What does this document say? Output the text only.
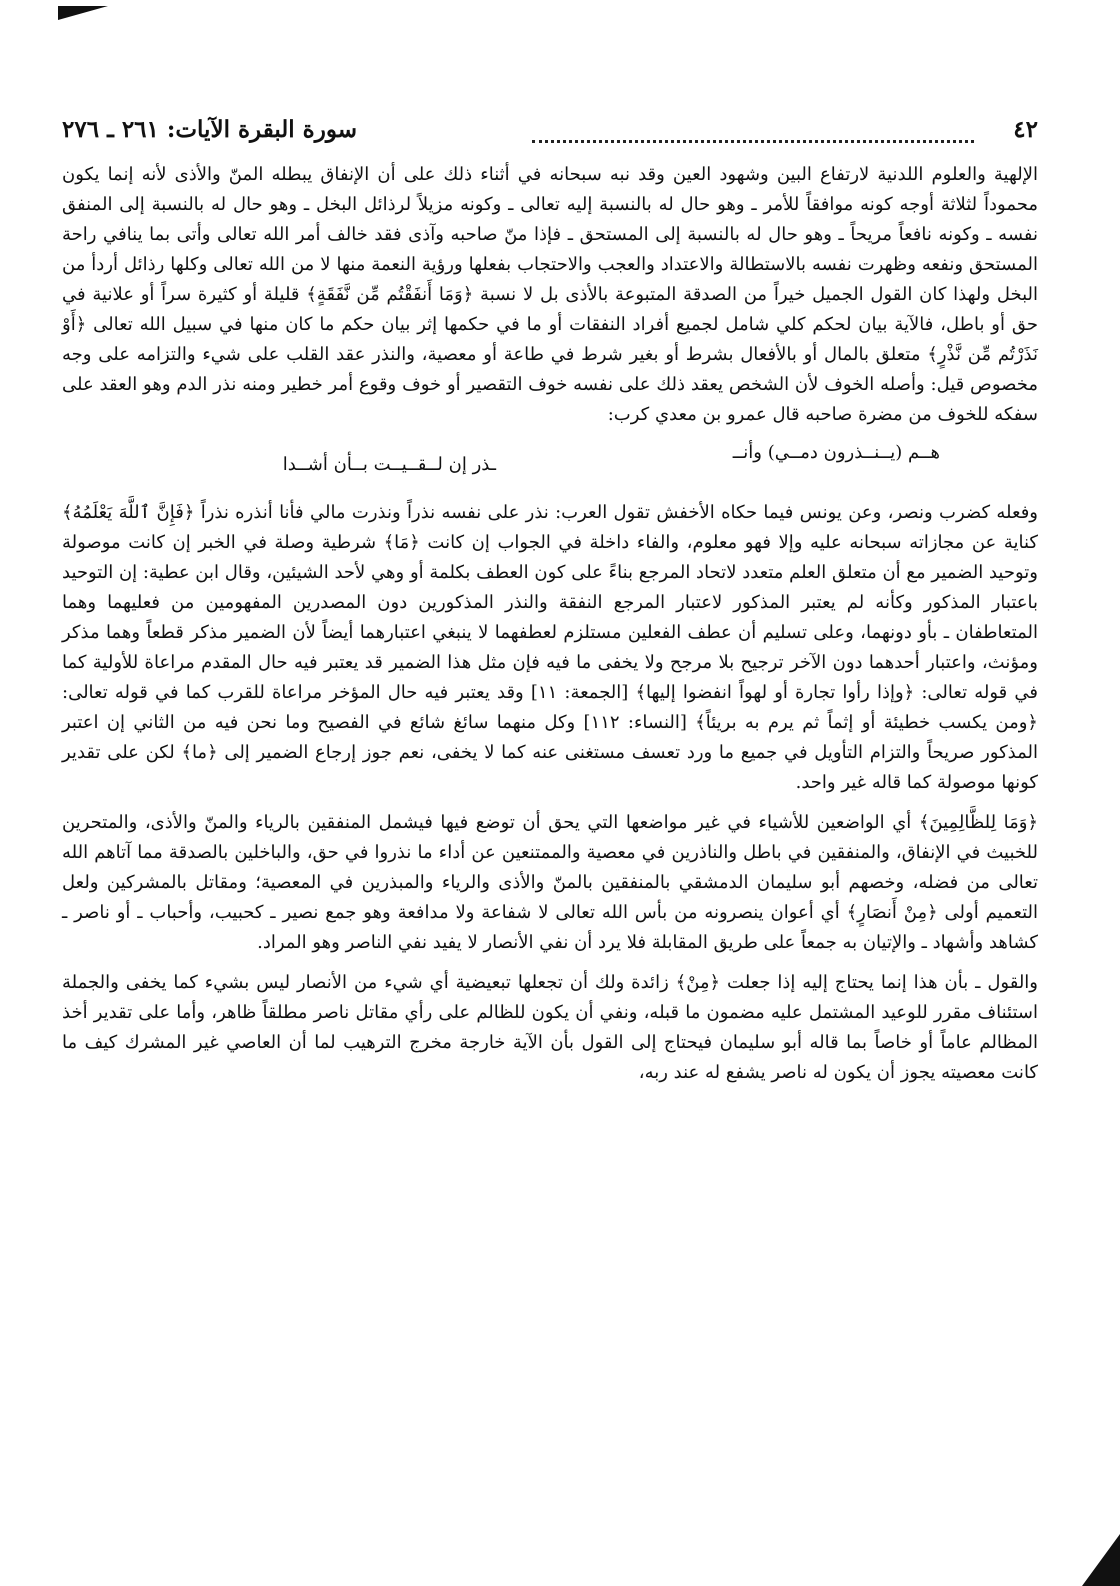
٤٢
سورة البقرة الآيات: ٢٦١ ـ ٢٧٦

الإلهية والعلوم اللدنية لارتفاع البين وشهود العين وقد نبه سبحانه في أثناء ذلك على أن الإنفاق يبطله المنّ والأذى لأنه إنما يكون محموداً لثلاثة أوجه كونه موافقاً للأمر ـ وهو حال له بالنسبة إليه تعالى ـ وكونه مزيلاً لرذائل البخل ـ وهو حال له بالنسبة إلى المنفق نفسه ـ وكونه نافعاً مريحاً ـ وهو حال له بالنسبة إلى المستحق ـ فإذا منّ صاحبه وآذى فقد خالف أمر الله تعالى وأتى بما ينافي راحة المستحق ونفعه وظهرت نفسه بالاستطالة والاعتداد والعجب والاحتجاب بفعلها ورؤية النعمة منها لا من الله تعالى وكلها رذائل أردأ من البخل ولهذا كان القول الجميل خيراً من الصدقة المتبوعة بالأذى بل لا نسبة ﴿وَمَا أَنفَقْتُم مِّن نَّفَقَةٍ﴾ قليلة أو كثيرة سراً أو علانية في حق أو باطل، فالآية بيان لحكم كلي شامل لجميع أفراد النفقات أو ما في حكمها إثر بيان حكم ما كان منها في سبيل الله تعالى ﴿أَوْ نَذَرْتُم مِّن نَّذْرٍ﴾ متعلق بالمال أو بالأفعال بشرط أو بغير شرط في طاعة أو معصية، والنذر عقد القلب على شيء والتزامه على وجه مخصوص قيل: وأصله الخوف لأن الشخص يعقد ذلك على نفسه خوف التقصير أو خوف وقوع أمر خطير ومنه نذر الدم وهو العقد على سفكه للخوف من مضرة صاحبه قال عمرو بن معدي كرب:

هــم (يــنــذرون دمــي) وأنــ
ـذر إن لــقــيــت بــأن أشــدا

وفعله كضرب ونصر، وعن يونس فيما حكاه الأخفش تقول العرب: نذر على نفسه نذراً ونذرت مالي فأنا أنذره نذراً ﴿فَإِنَّ ٱللَّهَ يَعْلَمُهُ﴾ كناية عن مجازاته سبحانه عليه وإلا فهو معلوم، والفاء داخلة في الجواب إن كانت ﴿مَا﴾ شرطية وصلة في الخبر إن كانت موصولة وتوحيد الضمير مع أن متعلق العلم متعدد لاتحاد المرجع بناءً على كون العطف بكلمة أو وهي لأحد الشيئين، وقال ابن عطية: إن التوحيد باعتبار المذكور وكأنه لم يعتبر المذكور لاعتبار المرجع النفقة والنذر المذكورين دون المصدرين المفهومين من فعليهما وهما المتعاطفان ـ بأو دونهما، وعلى تسليم أن عطف الفعلين مستلزم لعطفهما لا ينبغي اعتبارهما أيضاً لأن الضمير مذكر قطعاً وهما مذكر ومؤنث، واعتبار أحدهما دون الآخر ترجيح بلا مرجح ولا يخفى ما فيه فإن مثل هذا الضمير قد يعتبر فيه حال المقدم مراعاة للأولية كما في قوله تعالى: ﴿وإذا رأوا تجارة أو لهواً انفضوا إليها﴾ [الجمعة: ١١] وقد يعتبر فيه حال المؤخر مراعاة للقرب كما في قوله تعالى: ﴿ومن يكسب خطيئة أو إثماً ثم يرم به بريئاً﴾ [النساء: ١١٢] وكل منهما سائغ شائع في الفصيح وما نحن فيه من الثاني إن اعتبر المذكور صريحاً والتزام التأويل في جميع ما ورد تعسف مستغنى عنه كما لا يخفى، نعم جوز إرجاع الضمير إلى ﴿ما﴾ لكن على تقدير كونها موصولة كما قاله غير واحد.

﴿وَمَا لِلظَّالِمِينَ﴾ أي الواضعين للأشياء في غير مواضعها التي يحق أن توضع فيها فيشمل المنفقين بالرياء والمنّ والأذى، والمتحرين للخبيث في الإنفاق، والمنفقين في باطل والناذرين في معصية والممتنعين عن أداء ما نذروا في حق، والباخلين بالصدقة مما آتاهم الله تعالى من فضله، وخصهم أبو سليمان الدمشقي بالمنفقين بالمنّ والأذى والرياء والمبذرين في المعصية؛ ومقاتل بالمشركين ولعل التعميم أولى ﴿مِنْ أَنصَارٍ﴾ أي أعوان ينصرونه من بأس الله تعالى لا شفاعة ولا مدافعة وهو جمع نصير ـ كحبيب، وأحباب ـ أو ناصر ـ كشاهد وأشهاد ـ والإتيان به جمعاً على طريق المقابلة فلا يرد أن نفي الأنصار لا يفيد نفي الناصر وهو المراد.

والقول ـ بأن هذا إنما يحتاج إليه إذا جعلت ﴿مِنْ﴾ زائدة ولك أن تجعلها تبعيضية أي شيء من الأنصار ليس بشيء كما يخفى والجملة استئناف مقرر للوعيد المشتمل عليه مضمون ما قبله، ونفي أن يكون للظالم على رأي مقاتل ناصر مطلقاً ظاهر، وأما على تقدير أخذ المظالم عاماً أو خاصاً بما قاله أبو سليمان فيحتاج إلى القول بأن الآية خارجة مخرج الترهيب لما أن العاصي غير المشرك كيف ما كانت معصيته يجوز أن يكون له ناصر يشفع له عند ربه،
